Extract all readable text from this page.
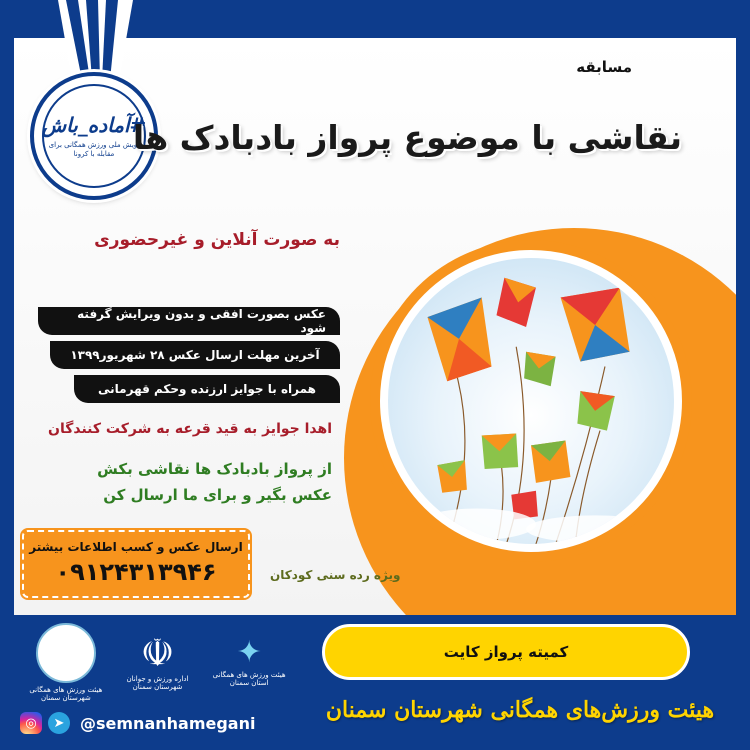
#آماده_باش
پویش ملی ورزش همگانی برای مقابله با کرونا
مسابقه
نقاشی با موضوع پرواز بادبادک ها
به صورت آنلاین و غیرحضوری
عکس بصورت افقی و بدون ویرایش گرفته شود
آخرین مهلت ارسال عکس ۲۸ شهریور۱۳۹۹
همراه با جوایز ارزنده وحکم قهرمانی
اهدا جوایز به قید قرعه به شرکت کنندگان
از پرواز بادبادک ها نقاشی بکش
عکس بگیر و برای ما ارسال کن
ارسال عکس و کسب اطلاعات بیشتر
۰۹۱۲۴۳۱۳۹۴۶	ویژه رده سنی کودکان
هیئت ورزش های همگانی شهرستان سمنان
☫
اداره ورزش و جوانان شهرستان سمنان
✦
هیئت ورزش های همگانی استان سمنان
کمیته پرواز کایت
هیئت ورزش‌های همگانی شهرستان سمنان
◎	➤ @semnanhamegani
